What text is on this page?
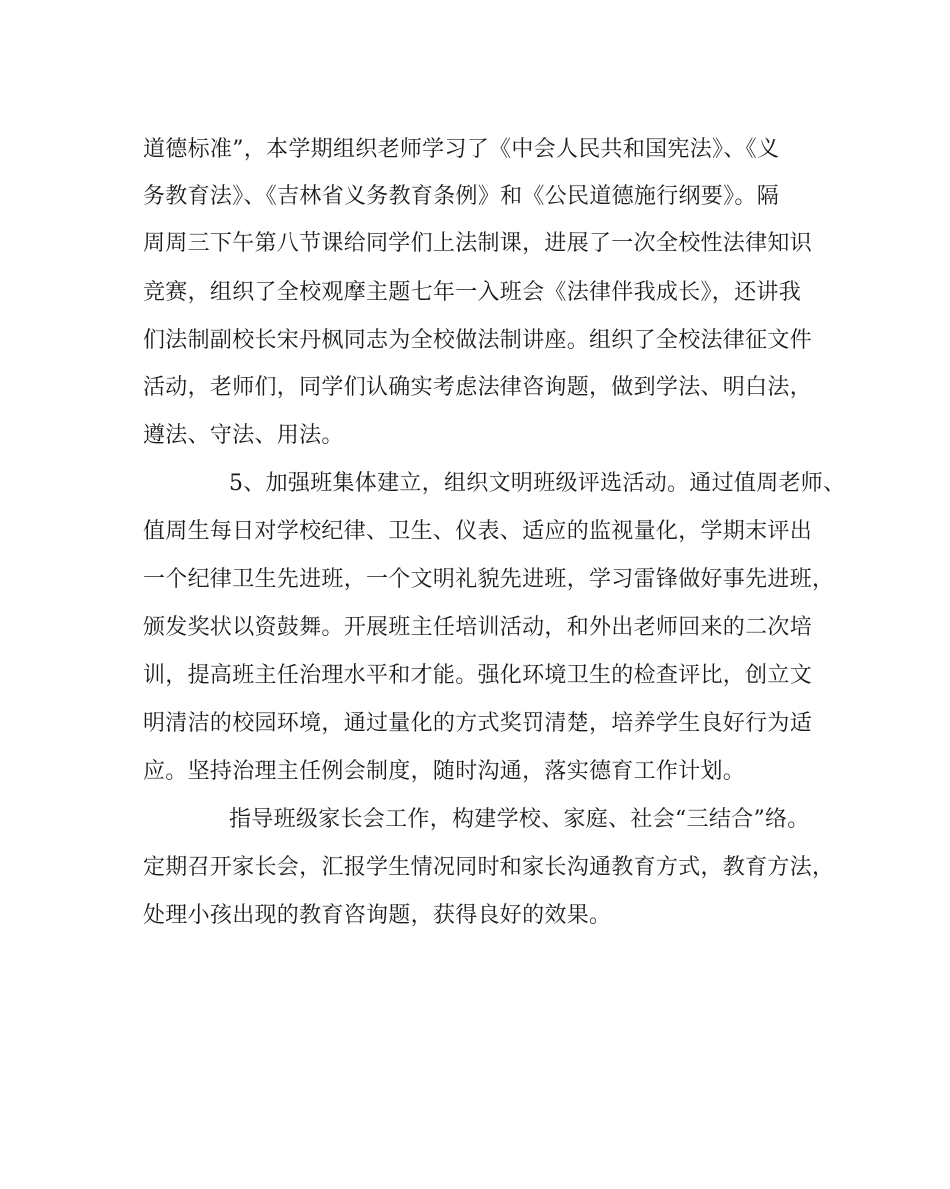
道德标准”，本学期组织老师学习了《中会人民共和国宪法》、《义
务教育法》、《吉林省义务教育条例》和《公民道德施行纲要》。隔
周周三下午第八节课给同学们上法制课，进展了一次全校性法律知识
竞赛，组织了全校观摩主题七年一入班会《法律伴我成长》，还讲我
们法制副校长宋丹枫同志为全校做法制讲座。组织了全校法律征文件
活动，老师们，同学们认确实考虑法律咨询题，做到学法、明白法，
遵法、守法、用法。
5、加强班集体建立，组织文明班级评选活动。通过值周老师、
值周生每日对学校纪律、卫生、仪表、适应的监视量化，学期末评出
一个纪律卫生先进班，一个文明礼貌先进班，学习雷锋做好事先进班，
颁发奖状以资鼓舞。开展班主任培训活动，和外出老师回来的二次培
训，提高班主任治理水平和才能。强化环境卫生的检查评比，创立文
明清洁的校园环境，通过量化的方式奖罚清楚，培养学生良好行为适
应。坚持治理主任例会制度，随时沟通，落实德育工作计划。
指导班级家长会工作，构建学校、家庭、社会“三结合”络。
定期召开家长会，汇报学生情况同时和家长沟通教育方式，教育方法，
处理小孩出现的教育咨询题，获得良好的效果。
